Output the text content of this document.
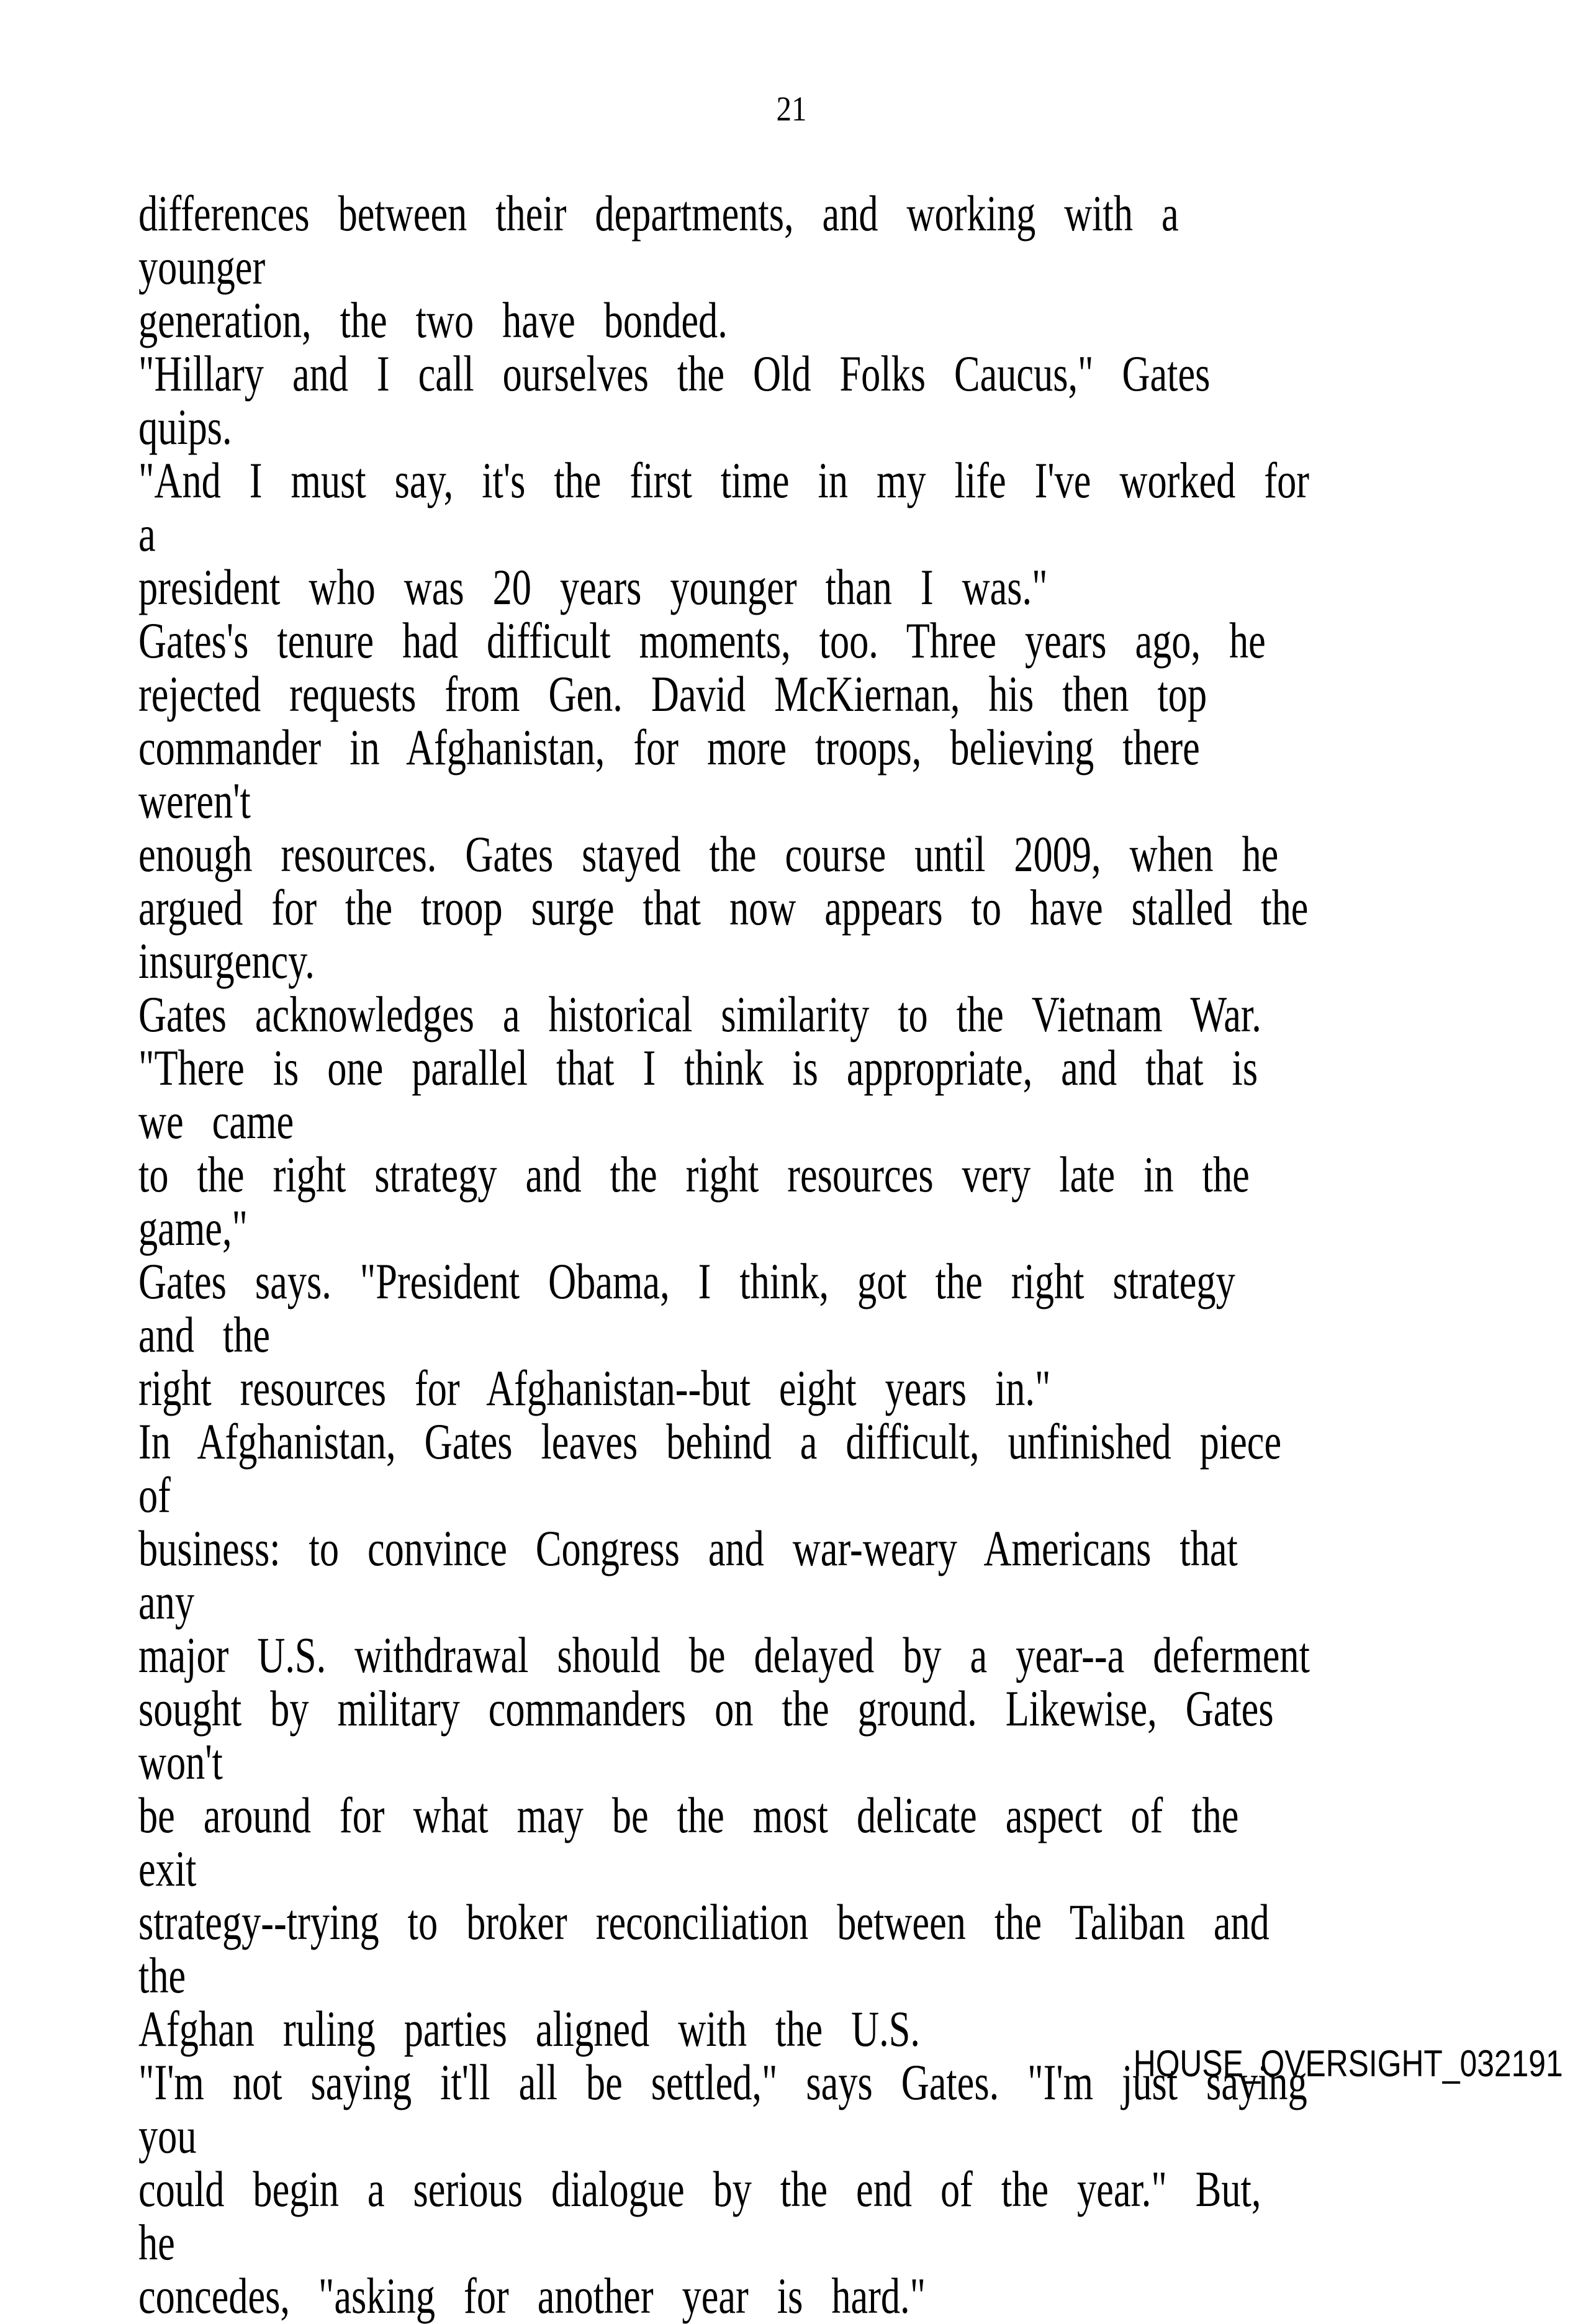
21

differences between their departments, and working with a younger
generation, the two have bonded.

"Hillary and I call ourselves the Old Folks Caucus," Gates quips.
"And I must say, it's the first time in my life I've worked for a
president who was 20 years younger than I was."

Gates's tenure had difficult moments, too. Three years ago, he
rejected requests from Gen. David McKiernan, his then top
commander in Afghanistan, for more troops, believing there weren't
enough resources. Gates stayed the course until 2009, when he
argued for the troop surge that now appears to have stalled the
insurgency.

Gates acknowledges a historical similarity to the Vietnam War.

"There is one parallel that I think is appropriate, and that is we came
to the right strategy and the right resources very late in the game,"
Gates says. "President Obama, I think, got the right strategy and the
right resources for Afghanistan--but eight years in."

In Afghanistan, Gates leaves behind a difficult, unfinished piece of
business: to convince Congress and war-weary Americans that any
major U.S. withdrawal should be delayed by a year--a deferment
sought by military commanders on the ground. Likewise, Gates won't
be around for what may be the most delicate aspect of the exit
strategy--trying to broker reconciliation between the Taliban and the
Afghan ruling parties aligned with the U.S.

"I'm not saying it'll all be settled," says Gates. "I'm just saying you
could begin a serious dialogue by the end of the year." But, he
concedes, "asking for another year is hard."

HOUSE_OVERSIGHT_032191
